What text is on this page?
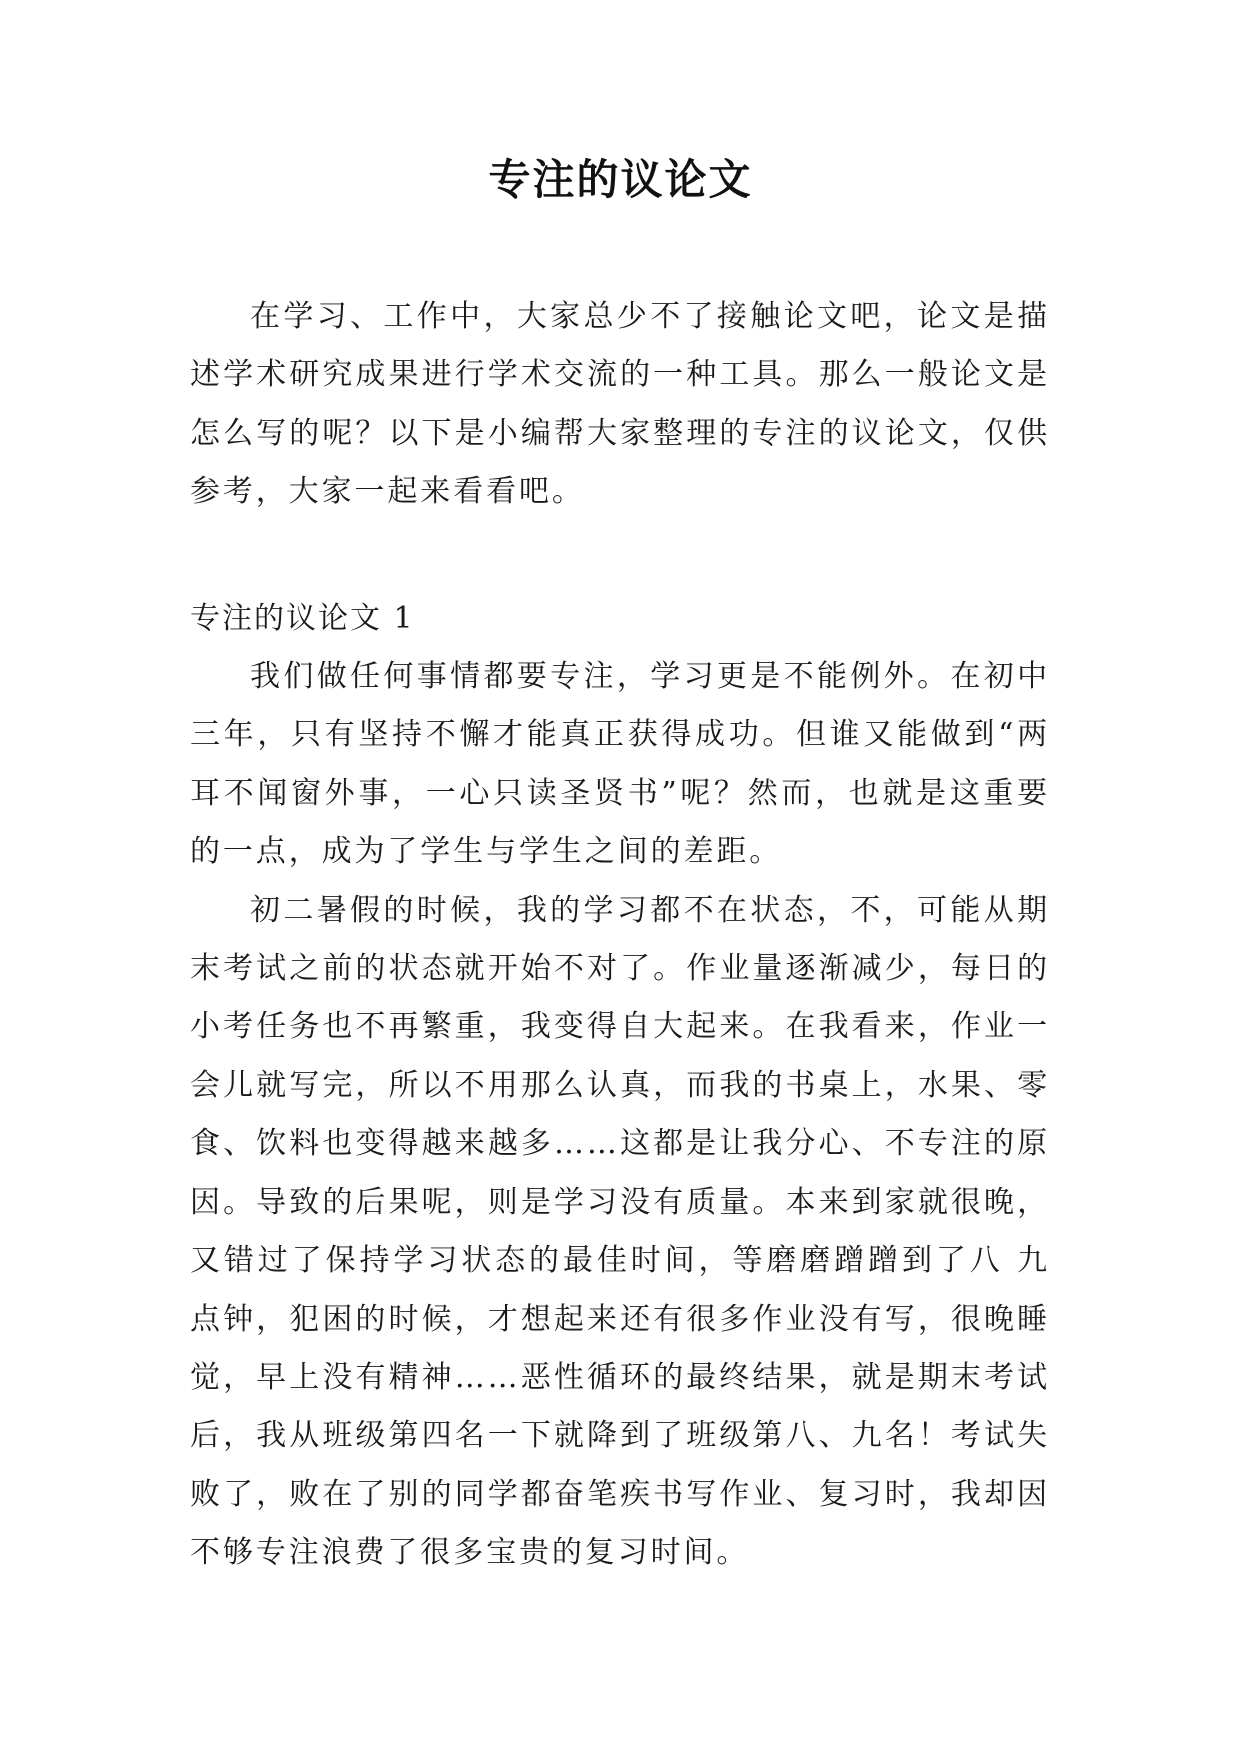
专注的议论文

在学习、工作中，大家总少不了接触论文吧，论文是描述学术研究成果进行学术交流的一种工具。那么一般论文是怎么写的呢？以下是小编帮大家整理的专注的议论文，仅供参考，大家一起来看看吧。

专注的议论文 1

我们做任何事情都要专注，学习更是不能例外。在初中三年，只有坚持不懈才能真正获得成功。但谁又能做到“两耳不闻窗外事，一心只读圣贤书”呢？然而，也就是这重要的一点，成为了学生与学生之间的差距。

初二暑假的时候，我的学习都不在状态，不，可能从期末考试之前的状态就开始不对了。作业量逐渐减少，每日的小考任务也不再繁重，我变得自大起来。在我看来，作业一会儿就写完，所以不用那么认真，而我的书桌上，水果、零食、饮料也变得越来越多……这都是让我分心、不专注的原因。导致的后果呢，则是学习没有质量。本来到家就很晚，又错过了保持学习状态的最佳时间，等磨磨蹭蹭到了八 九点钟，犯困的时候，才想起来还有很多作业没有写，很晚睡觉，早上没有精神……恶性循环的最终结果，就是期末考试后，我从班级第四名一下就降到了班级第八、九名！考试失败了，败在了别的同学都奋笔疾书写作业、复习时，我却因不够专注浪费了很多宝贵的复习时间。
